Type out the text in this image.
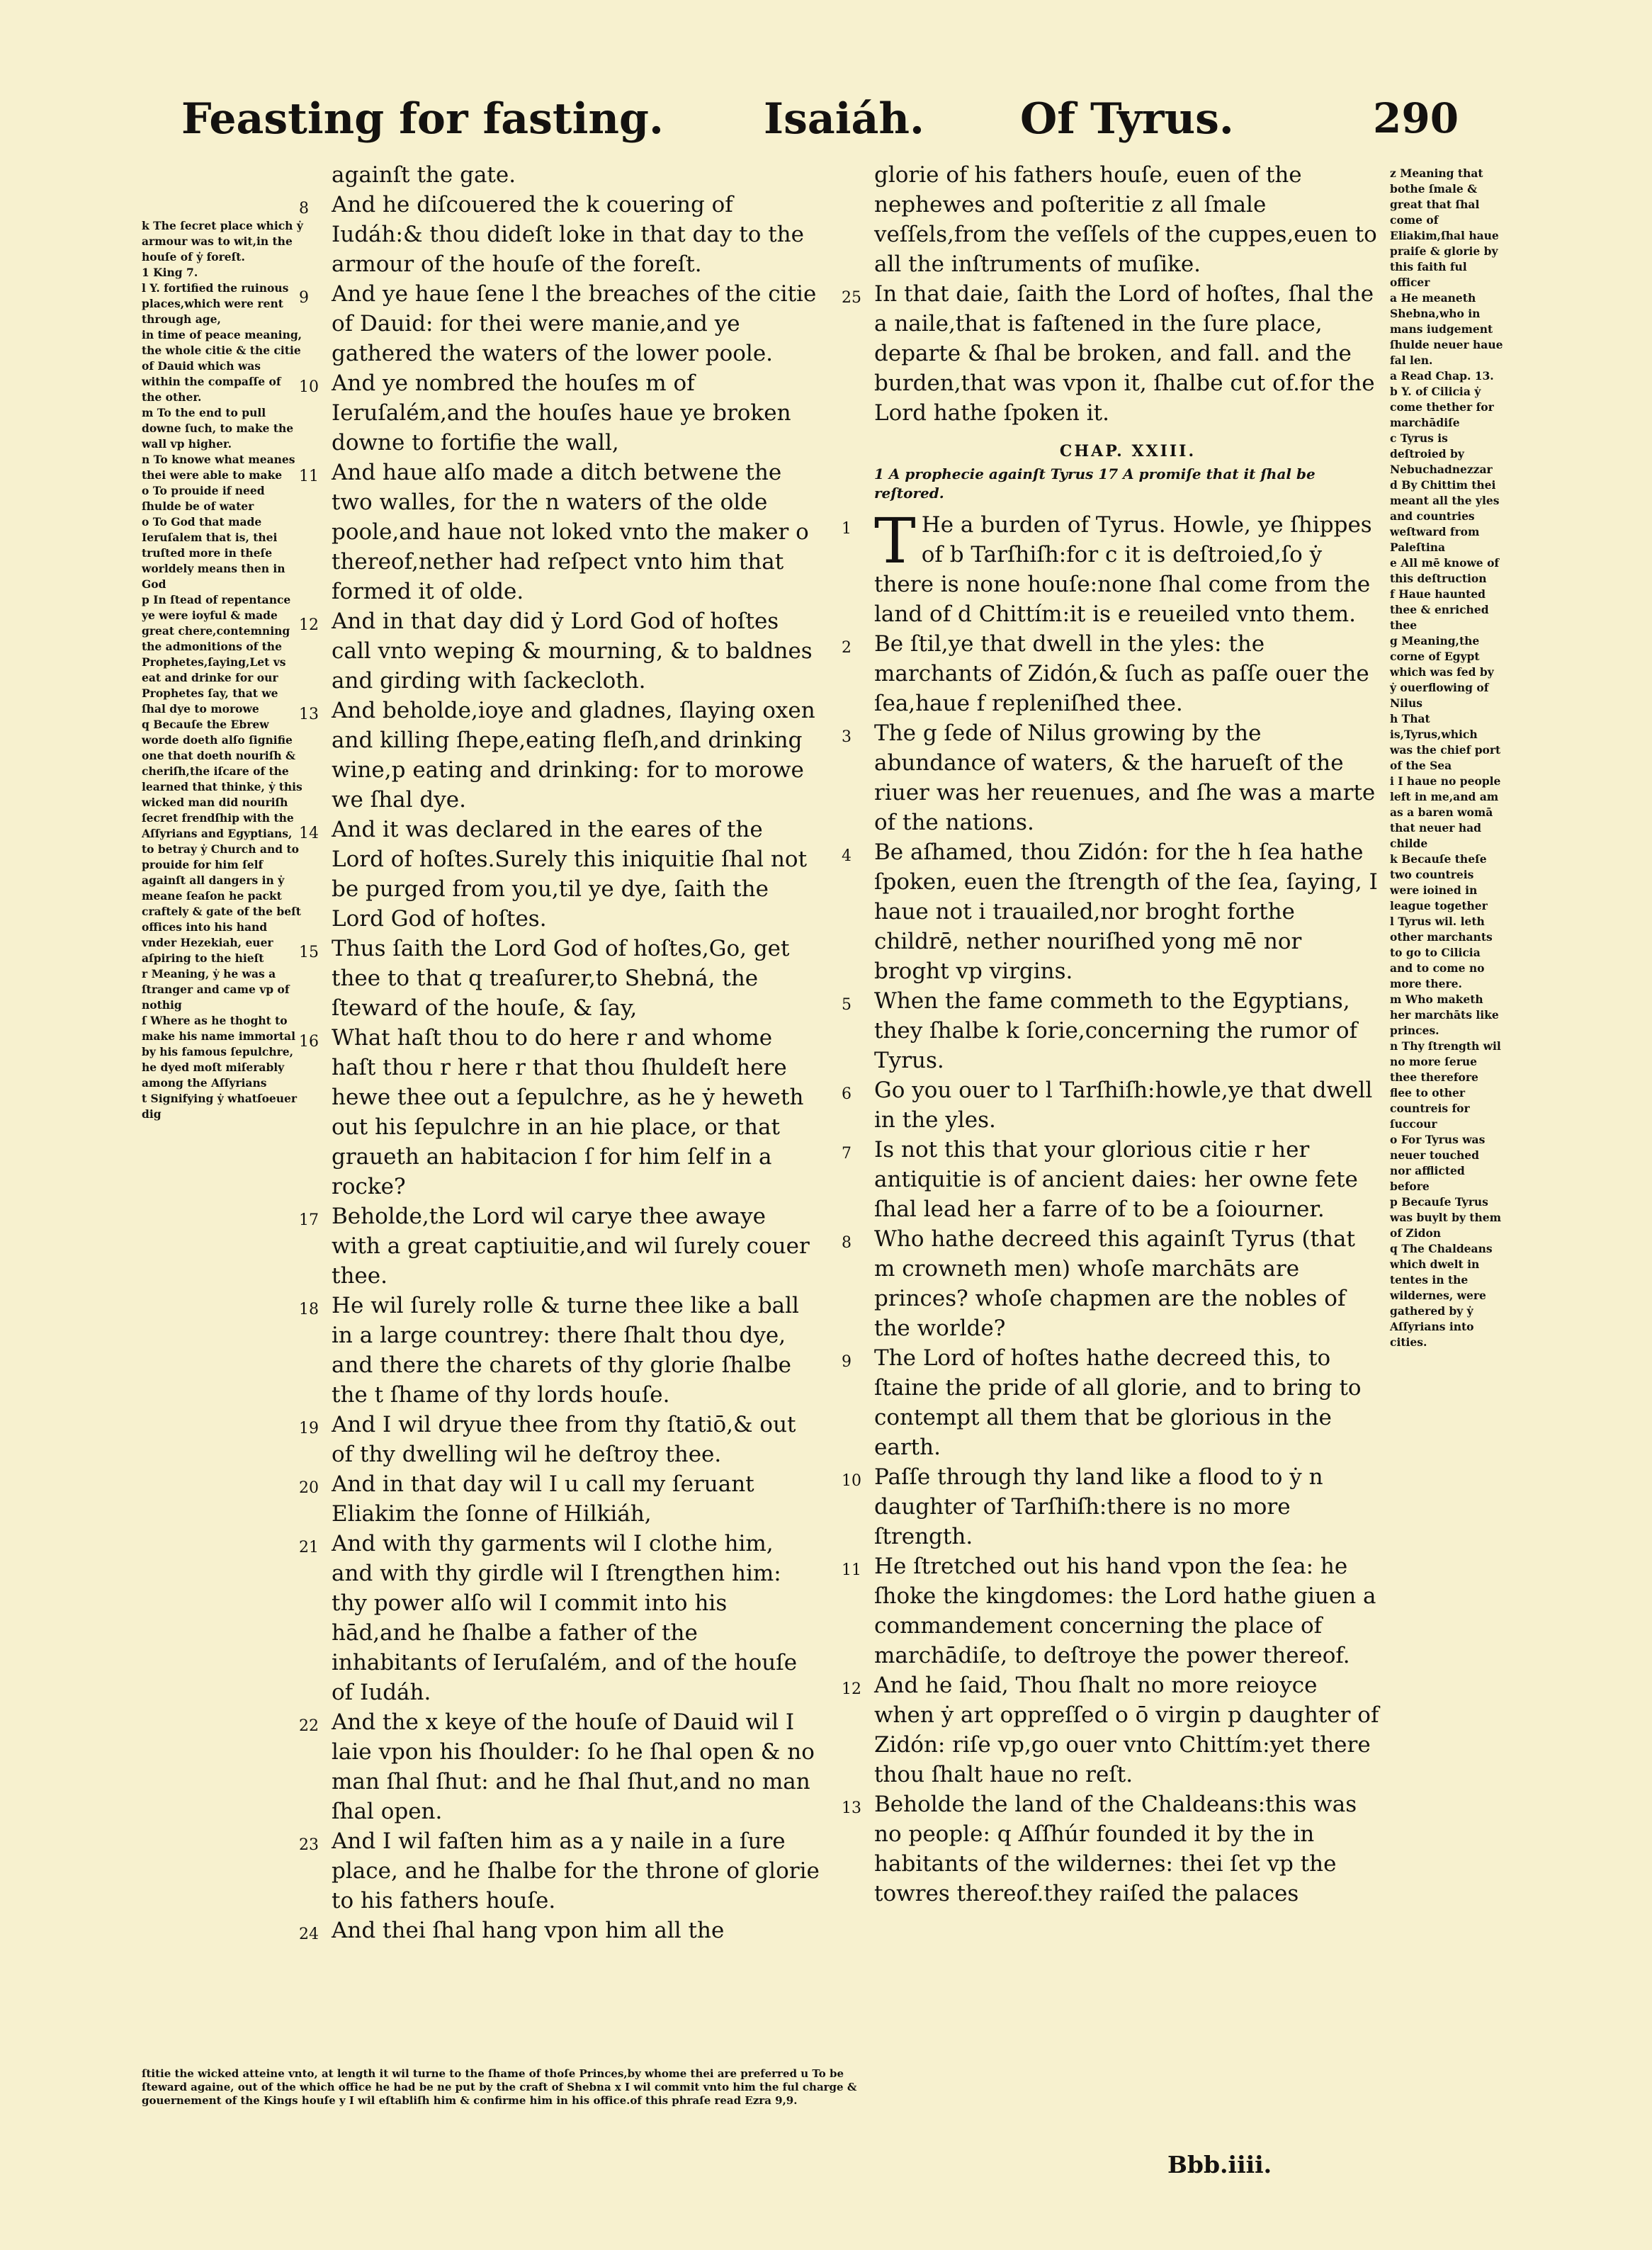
Feasting for fasting. Isaiáh. Of Tyrus.	290

k The ſecret place which ẏ armour was to wit,in the houſe of ẏ foreſt.

1 King 7.

l Y. fortified the ruinous places,which were rent through age,

in time of peace meaning, the whole citie & the citie of Dauid which was within the compaſſe of the other.

m To the end to pull downe ſuch, to make the wall vp higher.

n To knowe what meanes thei were able to make

o To prouide if need ſhulde be of water

o To God that made Ieruſalem that is, thei truſted more in theſe worldely means then in God

p In ſtead of repentance ye were ioyful & made great chere,contemning the admonitions of the Prophetes,ſaying,Let vs eat and drinke for our Prophetes ſay, that we ſhal dye to morowe

q Becauſe the Ebrew worde doeth alſo ſignifie one that doeth nouriſh & cheriſh,the iſcare of the learned that thinke, ẏ this wicked man did nouriſh ſecret frendſhip with the Aſſyrians and Egyptians, to betray ẏ Church and to prouide for him ſelf againſt all dangers in ẏ meane ſeaſon he packt craftely & gate of the beſt offices into his hand vnder Hezekiah, euer aſpiring to the hieſt

r Meaning, ẏ he was a ſtranger and came vp of nothig

ſ Where as he thoght to make his name immortal by his famous ſepulchre, he dyed moſt miſerably among the Aſſyrians

t Signifying ẏ whatſoeuer dig

againſt the gate.

8 And he diſcouered the k couering of Iudáh:& thou dideſt loke in that day to the armour of the houſe of the foreſt.

9 And ye haue ſene l the breaches of the citie of Dauid: for thei were manie,and ye gathered the waters of the lower poole.

10 And ye nombred the houſes m of Ieruſalém,and the houſes haue ye broken downe to fortifie the wall,

11 And haue alſo made a ditch betwene the two walles, for the n waters of the olde poole,and haue not loked vnto the maker o thereof,nether had reſpect vnto him that formed it of olde.

12 And in that day did ẏ Lord God of hoſtes call vnto weping & mourning, & to baldnes and girding with ſackecloth.

13 And beholde,ioye and gladnes, ſlaying oxen and killing ſhepe,eating fleſh,and drinking wine,p eating and drinking: for to morowe we ſhal dye.

14 And it was declared in the eares of the Lord of hoſtes.Surely this iniquitie ſhal not be purged from you,til ye dye, ſaith the Lord God of hoſtes.

15 Thus ſaith the Lord God of hoſtes,Go, get thee to that q treaſurer,to Shebná, the ſteward of the houſe, & ſay,

16 What haſt thou to do here r and whome haſt thou r here r that thou ſhuldeſt here hewe thee out a ſepulchre, as he ẏ heweth out his ſepulchre in an hie place, or that graueth an habitacion ſ for him ſelf in a rocke?

17 Beholde,the Lord wil carye thee awaye with a great captiuitie,and wil ſurely couer thee.

18 He wil ſurely rolle & turne thee like a ball in a large countrey: there ſhalt thou dye, and there the charets of thy glorie ſhalbe the t ſhame of thy lords houſe.

19 And I wil dryue thee from thy ſtatiō,& out of thy dwelling wil he deſtroy thee.

20 And in that day wil I u call my ſeruant Eliakim the ſonne of Hilkiáh,

21 And with thy garments wil I clothe him, and with thy girdle wil I ſtrengthen him: thy power alſo wil I commit into his hād,and he ſhalbe a father of the inhabitants of Ieruſalém, and of the houſe of Iudáh.

22 And the x keye of the houſe of Dauid wil I laie vpon his ſhoulder: ſo he ſhal open & no man ſhal ſhut: and he ſhal ſhut,and no man ſhal open.

23 And I wil faſten him as a y naile in a ſure place, and he ſhalbe for the throne of glorie to his fathers houſe.

24 And thei ſhal hang vpon him all the

glorie of his fathers houſe, euen of the nephewes and poſteritie z all ſmale veſſels,from the veſſels of the cuppes,euen to all the inſtruments of muſike.

25 In that daie, ſaith the Lord of hoſtes, ſhal the a naile,that is faſtened in the ſure place, departe & ſhal be broken, and fall. and the burden,that was vpon it, ſhalbe cut of.for the Lord hathe ſpoken it.

CHAP. XXIII.
1 A prophecie againſt Tyrus 17 A promiſe that it ſhal be reſtored.

1 T He a burden of Tyrus. Howle, ye ſhippes of b Tarſhiſh:for c it is deſtroied,ſo ẏ there is none houſe:none ſhal come from the land of d Chittím:it is e reueiled vnto them.

2 Be ſtil,ye that dwell in the yles: the marchants of Zidón,& ſuch as paſſe ouer the ſea,haue f repleniſhed thee.

3 The g ſede of Nilus growing by the abundance of waters, & the harueſt of the riuer was her reuenues, and ſhe was a marte of the nations.

4 Be aſhamed, thou Zidón: for the h ſea hathe ſpoken, euen the ſtrength of the ſea, ſaying, I haue not i trauailed,nor broght forthe childrē, nether nouriſhed yong mē nor broght vp virgins.

5 When the fame commeth to the Egyptians, they ſhalbe k ſorie,concerning the rumor of Tyrus.

6 Go you ouer to l Tarſhiſh:howle,ye that dwell in the yles.

7 Is not this that your glorious citie r her antiquitie is of ancient daies: her owne fete ſhal lead her a farre of to be a ſoiourner.

8 Who hathe decreed this againſt Tyrus (that m crowneth men) whoſe marchāts are princes? whoſe chapmen are the nobles of the worlde?

9 The Lord of hoſtes hathe decreed this, to ſtaine the pride of all glorie, and to bring to contempt all them that be glorious in the earth.

10 Paſſe through thy land like a flood to ẏ n daughter of Tarſhiſh:there is no more ſtrength.

11 He ſtretched out his hand vpon the ſea: he ſhoke the kingdomes: the Lord hathe giuen a commandement concerning the place of marchādiſe, to deſtroye the power thereof.

12 And he ſaid, Thou ſhalt no more reioyce when ẏ art oppreſſed o ō virgin p daughter of Zidón: riſe vp,go ouer vnto Chittím:yet there thou ſhalt haue no reſt.

13 Beholde the land of the Chaldeans:this was no people: q Aſſhúr founded it by the in habitants of the wildernes: thei ſet vp the towres thereof.they raiſed the palaces

z Meaning that bothe ſmale & great that ſhal come of Eliakim,ſhal haue praiſe & glorie by this faith ful officer

a He meaneth Shebna,who in mans iudgement ſhulde neuer haue fal len.

a Read Chap. 13.

b Y. of Cilicia ẏ come thether for marchādiſe

c Tyrus is deſtroied by Nebuchadnezzar

d By Chittim thei meant all the yles and countries weſtward from Paleſtina

e All mē knowe of this deſtruction

f Haue haunted thee & enriched thee

g Meaning,the corne of Egypt which was fed by ẏ ouerflowing of Nilus

h That is,Tyrus,which was the chief port of the Sea

i I haue no people left in me,and am as a baren womā that neuer had childe

k Becauſe theſe two countreis were ioined in league together

l Tyrus wil. leth other marchants to go to Cilicia and to come no more there.

m Who maketh her marchāts like princes.

n Thy ſtrength wil no more ſerue thee therefore flee to other countreis for ſuccour

o For Tyrus was neuer touched nor afflicted before

p Becauſe Tyrus was buylt by them of Zidon

q The Chaldeans which dwelt in tentes in the wildernes, were gathered by ẏ Aſſyrians into cities.

ſtitie the wicked atteine vnto, at length it wil turne to the ſhame of thoſe Princes,by whome thei are preferred u To be ſteward againe, out of the which office he had be ne put by the craft of Shebna x I wil commit vnto him the ful charge & gouernement of the Kings houſe y I wil eſtabliſh him & confirme him in his office.of this phraſe read Ezra 9,9.
Bbb.iiii.
